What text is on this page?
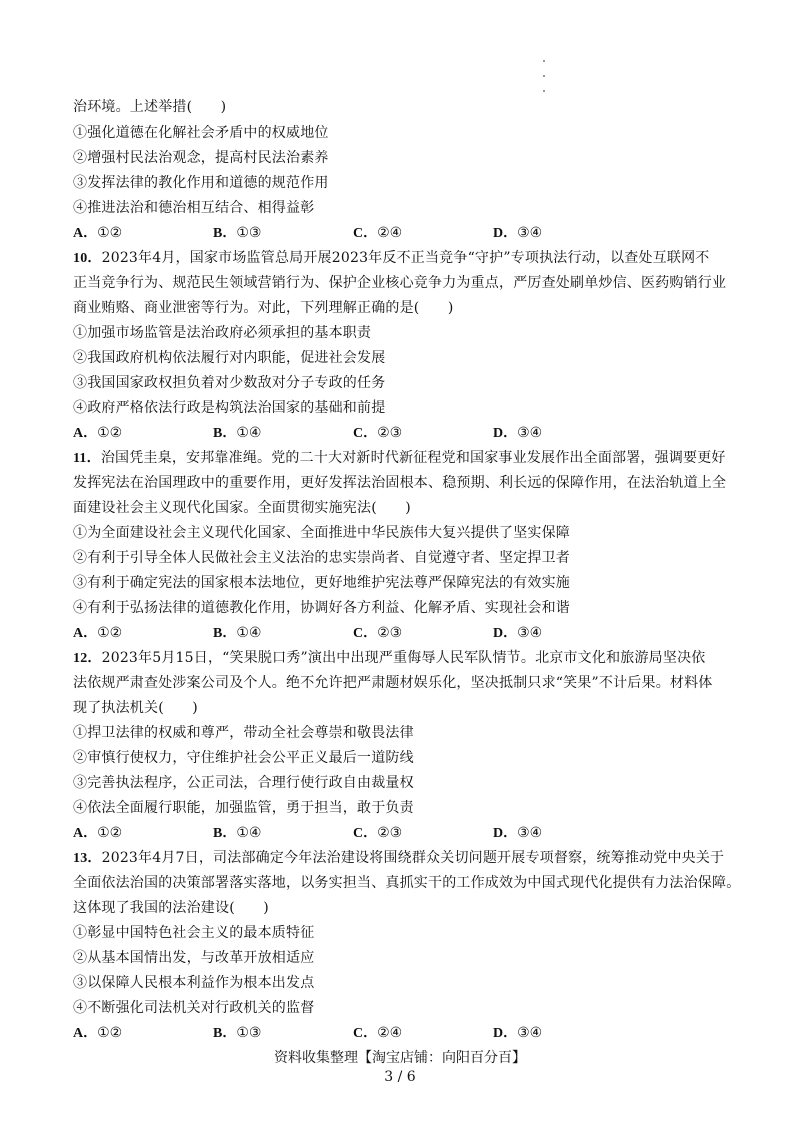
治环境。上述举措(　　)
①强化道德在化解社会矛盾中的权威地位
②增强村民法治观念，提高村民法治素养
③发挥法律的教化作用和道德的规范作用
④推进法治和德治相互结合、相得益彰
A．①②	B．①③	C．②④	D．③④
10．2023年4月，国家市场监管总局开展2023年反不正当竞争“守护”专项执法行动，以查处互联网不
正当竞争行为、规范民生领域营销行为、保护企业核心竞争力为重点，严厉查处刷单炒信、医药购销行业
商业贿赂、商业泄密等行为。对此，下列理解正确的是(　　)
①加强市场监管是法治政府必须承担的基本职责
②我国政府机构依法履行对内职能，促进社会发展
③我国国家政权担负着对少数敌对分子专政的任务
④政府严格依法行政是构筑法治国家的基础和前提
A．①②	B．①④	C．②③	D．③④
11．治国凭圭臬，安邦靠准绳。党的二十大对新时代新征程党和国家事业发展作出全面部署，强调要更好
发挥宪法在治国理政中的重要作用，更好发挥法治固根本、稳预期、利长远的保障作用，在法治轨道上全
面建设社会主义现代化国家。全面贯彻实施宪法(　　)
①为全面建设社会主义现代化国家、全面推进中华民族伟大复兴提供了坚实保障
②有利于引导全体人民做社会主义法治的忠实崇尚者、自觉遵守者、坚定捍卫者
③有利于确定宪法的国家根本法地位，更好地维护宪法尊严保障宪法的有效实施
④有利于弘扬法律的道德教化作用，协调好各方利益、化解矛盾、实现社会和谐
A．①②	B．①④	C．②③	D．③④
12．2023年5月15日，“笑果脱口秀”演出中出现严重侮辱人民军队情节。北京市文化和旅游局坚决依
法依规严肃查处涉案公司及个人。绝不允许把严肃题材娱乐化，坚决抵制只求“笑果”不计后果。材料体
现了执法机关(　　)
①捍卫法律的权威和尊严，带动全社会尊崇和敬畏法律
②审慎行使权力，守住维护社会公平正义最后一道防线
③完善执法程序，公正司法，合理行使行政自由裁量权
④依法全面履行职能，加强监管，勇于担当，敢于负责
A．①②	B．①④	C．②③	D．③④
13．2023年4月7日，司法部确定今年法治建设将围绕群众关切问题开展专项督察，统筹推动党中央关于
全面依法治国的决策部署落实落地，以务实担当、真抓实干的工作成效为中国式现代化提供有力法治保障。
这体现了我国的法治建设(　　)
①彰显中国特色社会主义的最本质特征
②从基本国情出发，与改革开放相适应
③以保障人民根本利益作为根本出发点
④不断强化司法机关对行政机关的监督
A．①②	B．①③	C．②④	D．③④
资料收集整理【淘宝店铺：向阳百分百】
3 / 6
